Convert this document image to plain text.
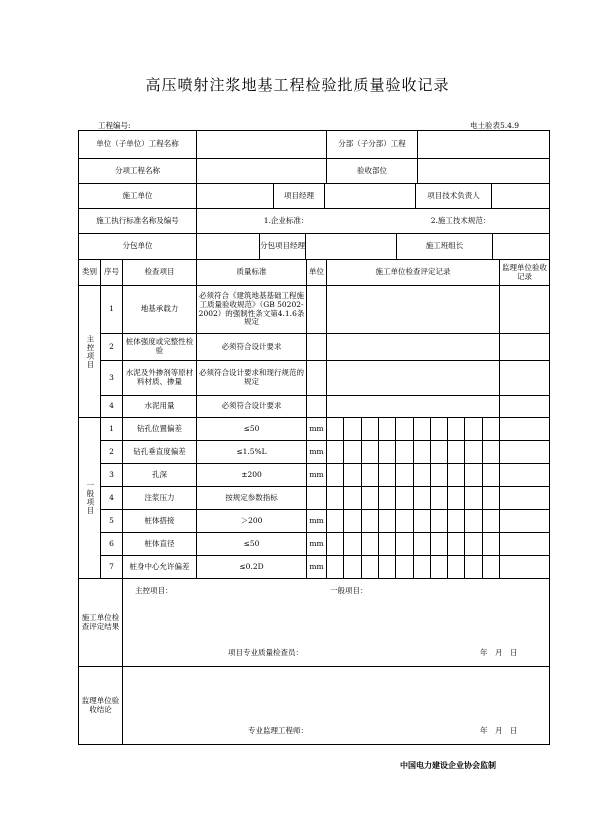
高压喷射注浆地基工程检验批质量验收记录
工程编号:	电土验表5.4.9
单位（子单位）工程名称					分部（子分部）工程	

分项工程名称					验收部位	

施工单位			项目经理 项目技术负责人			

施工执行标准名称及编号			1.企业标准： 2.施工技术规范：			

分包单位			分包项目经理 施工班组长			

类别	序号	检查项目	质量标准	单位	施工单位检查评定记录	监理单位验收记录

主控项目	1	地基承载力	必须符合《建筑地基基础工程施工质量验收规范》（GB 50202-2002）的强制性条文第4.1.6条规定			
	2	桩体强度或完整性检验	必须符合设计要求			
	3	水泥及外掺剂等原材料材质、掺量	必须符合设计要求和现行规范的规定			
	4	水泥用量	必须符合设计要求			

一般项目	1	钻孔位置偏差	≤50	mm	

	2	钻孔垂直度偏差	≤1.5%L	mm	

	3	孔深	±200	mm	

	4	注浆压力	按规定参数指标		

	5	桩体搭接	＞200	mm	

	6	桩体直径	≤50	mm	

	7	桩身中心允许偏差	≤0.2D	mm	

施工单位检查评定结果		主控项目： 一般项目：
项目专业质量检查员： 年　月　日				

监理单位验收结论		专业监理工程师： 年　月　日				
中国电力建设企业协会监制
